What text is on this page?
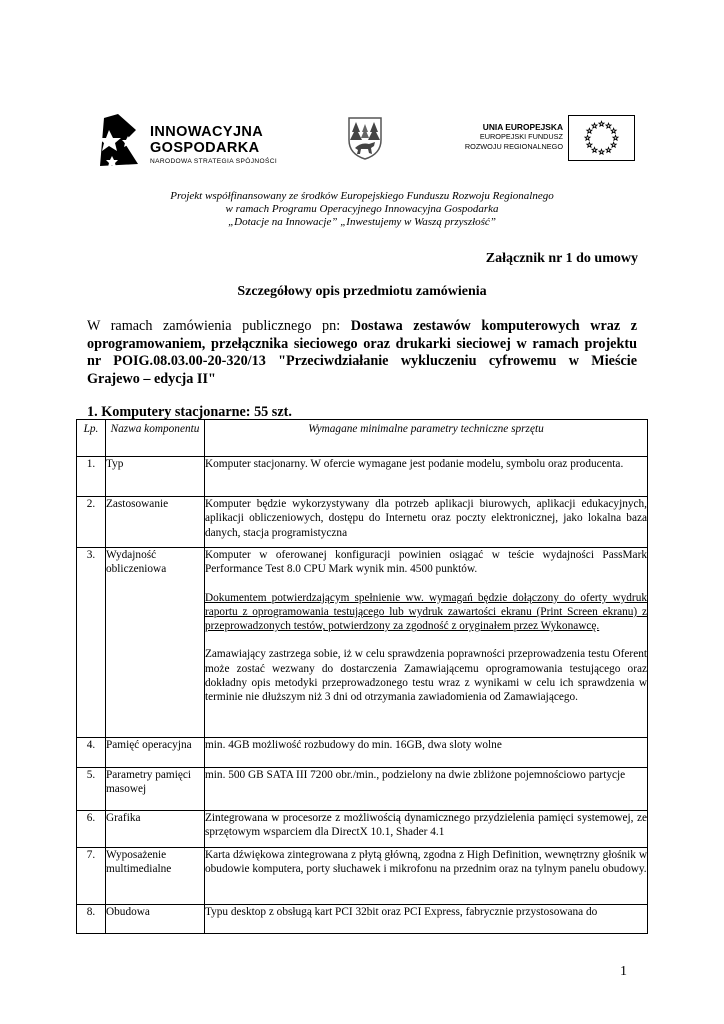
INNOWACYJNA
GOSPODARKA
NARODOWA STRATEGIA SPÓJNOŚCI
UNIA EUROPEJSKA
EUROPEJSKI FUNDUSZ
ROZWOJU REGIONALNEGO
Projekt współfinansowany ze środków Europejskiego Funduszu Rozwoju Regionalnego
w ramach Programu Operacyjnego Innowacyjna Gospodarka
„Dotacje na Innowacje” „Inwestujemy w Waszą przyszłość”
Załącznik nr 1 do umowy
Szczegółowy opis przedmiotu zamówienia
W ramach zamówienia publicznego pn: Dostawa zestawów komputerowych wraz z oprogramowaniem, przełącznika sieciowego oraz drukarki sieciowej w ramach projektu nr POIG.08.03.00-20-320/13 "Przeciwdziałanie wykluczeniu cyfrowemu w Mieście Grajewo – edycja II"
1. Komputery stacjonarne: 55 szt.
Lp.	Nazwa komponentu	Wymagane minimalne parametry techniczne sprzętu
1.	Typ	Komputer stacjonarny. W ofercie wymagane jest podanie modelu, symbolu oraz producenta.
2.	Zastosowanie	Komputer będzie wykorzystywany dla potrzeb aplikacji biurowych, aplikacji edukacyjnych, aplikacji obliczeniowych, dostępu do Internetu oraz poczty elektronicznej, jako lokalna baza danych, stacja programistyczna
3.	Wydajność obliczeniowa	Komputer w oferowanej konfiguracji powinien osiągać w teście wydajności PassMark Performance Test 8.0 CPU Mark wynik min. 4500 punktów.

Dokumentem potwierdzającym spełnienie ww. wymagań będzie dołączony do oferty wydruk raportu z oprogramowania testującego lub wydruk zawartości ekranu (Print Screen ekranu) z przeprowadzonych testów, potwierdzony za zgodność z oryginałem przez Wykonawcę.

Zamawiający zastrzega sobie, iż w celu sprawdzenia poprawności przeprowadzenia testu Oferent może zostać wezwany do dostarczenia Zamawiającemu oprogramowania testującego oraz dokładny opis metodyki przeprowadzonego testu wraz z wynikami w celu ich sprawdzenia w terminie nie dłuższym niż 3 dni od otrzymania zawiadomienia od Zamawiającego.

4.	Pamięć operacyjna	min. 4GB możliwość rozbudowy do min. 16GB, dwa sloty wolne
5.	Parametry pamięci masowej	min. 500 GB SATA III 7200 obr./min., podzielony na dwie zbliżone pojemnościowo partycje
6.	Grafika	Zintegrowana w procesorze z możliwością dynamicznego przydzielenia pamięci systemowej, ze sprzętowym wsparciem dla DirectX 10.1, Shader 4.1
7.	Wyposażenie multimedialne	Karta dźwiękowa zintegrowana z płytą główną, zgodna z High Definition, wewnętrzny głośnik w obudowie komputera, porty słuchawek i mikrofonu na przednim oraz na tylnym panelu obudowy.
8.	Obudowa	Typu desktop z obsługą kart PCI 32bit oraz PCI Express, fabrycznie przystosowana do
1
